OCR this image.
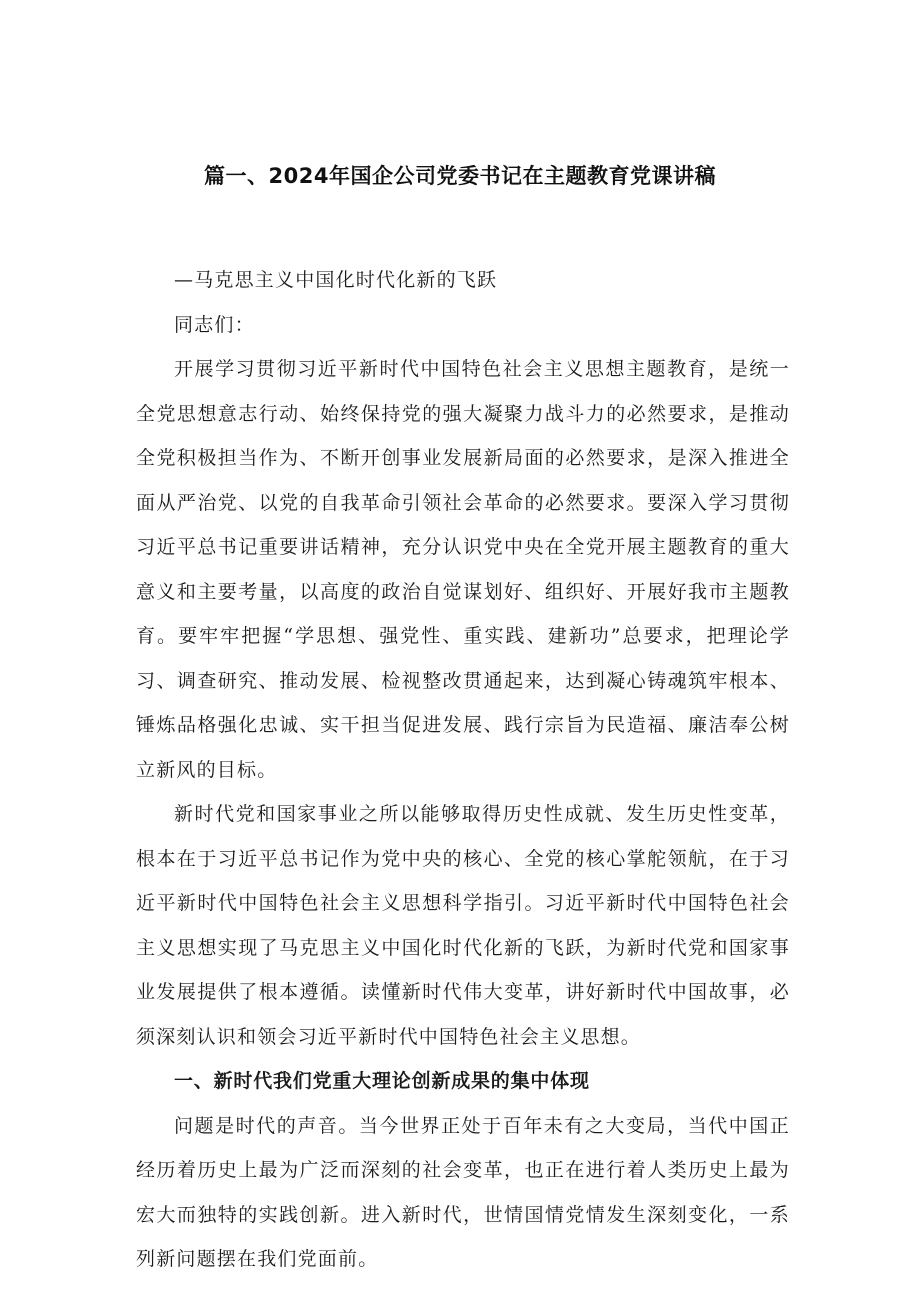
篇一、2024年国企公司党委书记在主题教育党课讲稿

—马克思主义中国化时代化新的飞跃

同志们：

开展学习贯彻习近平新时代中国特色社会主义思想主题教育，是统一全党思想意志行动、始终保持党的强大凝聚力战斗力的必然要求，是推动全党积极担当作为、不断开创事业发展新局面的必然要求，是深入推进全面从严治党、以党的自我革命引领社会革命的必然要求。要深入学习贯彻习近平总书记重要讲话精神，充分认识党中央在全党开展主题教育的重大意义和主要考量，以高度的政治自觉谋划好、组织好、开展好我市主题教育。要牢牢把握“学思想、强党性、重实践、建新功”总要求，把理论学习、调查研究、推动发展、检视整改贯通起来，达到凝心铸魂筑牢根本、锤炼品格强化忠诚、实干担当促进发展、践行宗旨为民造福、廉洁奉公树立新风的目标。

新时代党和国家事业之所以能够取得历史性成就、发生历史性变革，根本在于习近平总书记作为党中央的核心、全党的核心掌舵领航，在于习近平新时代中国特色社会主义思想科学指引。习近平新时代中国特色社会主义思想实现了马克思主义中国化时代化新的飞跃，为新时代党和国家事业发展提供了根本遵循。读懂新时代伟大变革，讲好新时代中国故事，必须深刻认识和领会习近平新时代中国特色社会主义思想。

一、新时代我们党重大理论创新成果的集中体现

问题是时代的声音。当今世界正处于百年未有之大变局，当代中国正经历着历史上最为广泛而深刻的社会变革，也正在进行着人类历史上最为宏大而独特的实践创新。进入新时代，世情国情党情发生深刻变化，一系列新问题摆在我们党面前。
